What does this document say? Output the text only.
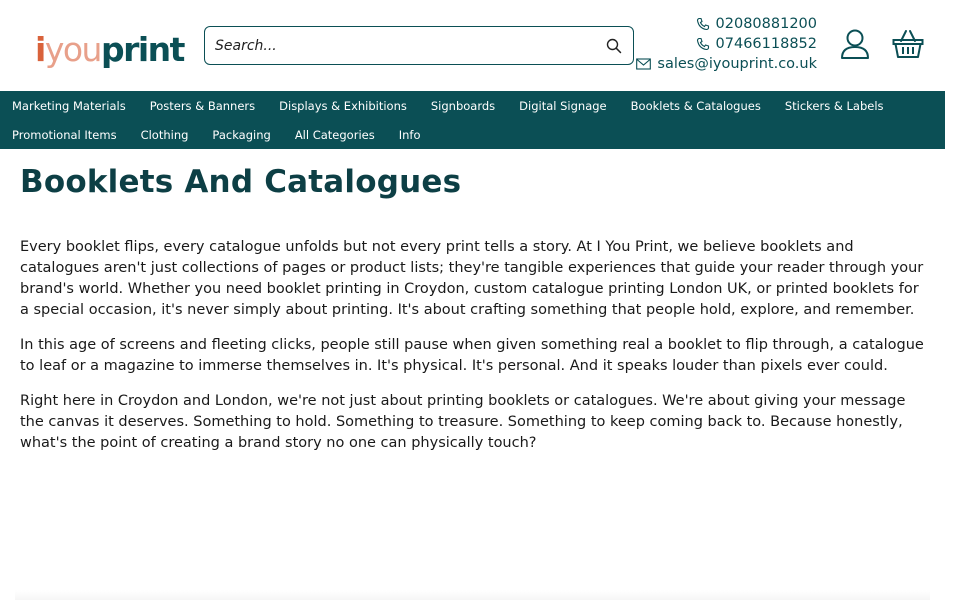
iyouprint
Search...
02080881200
07466118852
sales@iyouprint.co.uk
Marketing Materials	Posters & Banners	Displays & Exhibitions	Signboards	Digital Signage	Booklets & Catalogues	Stickers & Labels
Promotional Items	Clothing	Packaging	All Categories	Info
Booklets And Catalogues

Every booklet flips, every catalogue unfolds but not every print tells a story. At I You Print, we believe booklets and catalogues aren't just collections of pages or product lists; they're tangible experiences that guide your reader through your brand's world. Whether you need booklet printing in Croydon, custom catalogue printing London UK, or printed booklets for a special occasion, it's never simply about printing. It's about crafting something that people hold, explore, and remember.

In this age of screens and fleeting clicks, people still pause when given something real a booklet to flip through, a catalogue to leaf or a magazine to immerse themselves in. It's physical. It's personal. And it speaks louder than pixels ever could.

Right here in Croydon and London, we're not just about printing booklets or catalogues. We're about giving your message the canvas it deserves. Something to hold. Something to treasure. Something to keep coming back to. Because honestly, what's the point of creating a brand story no one can physically touch?
